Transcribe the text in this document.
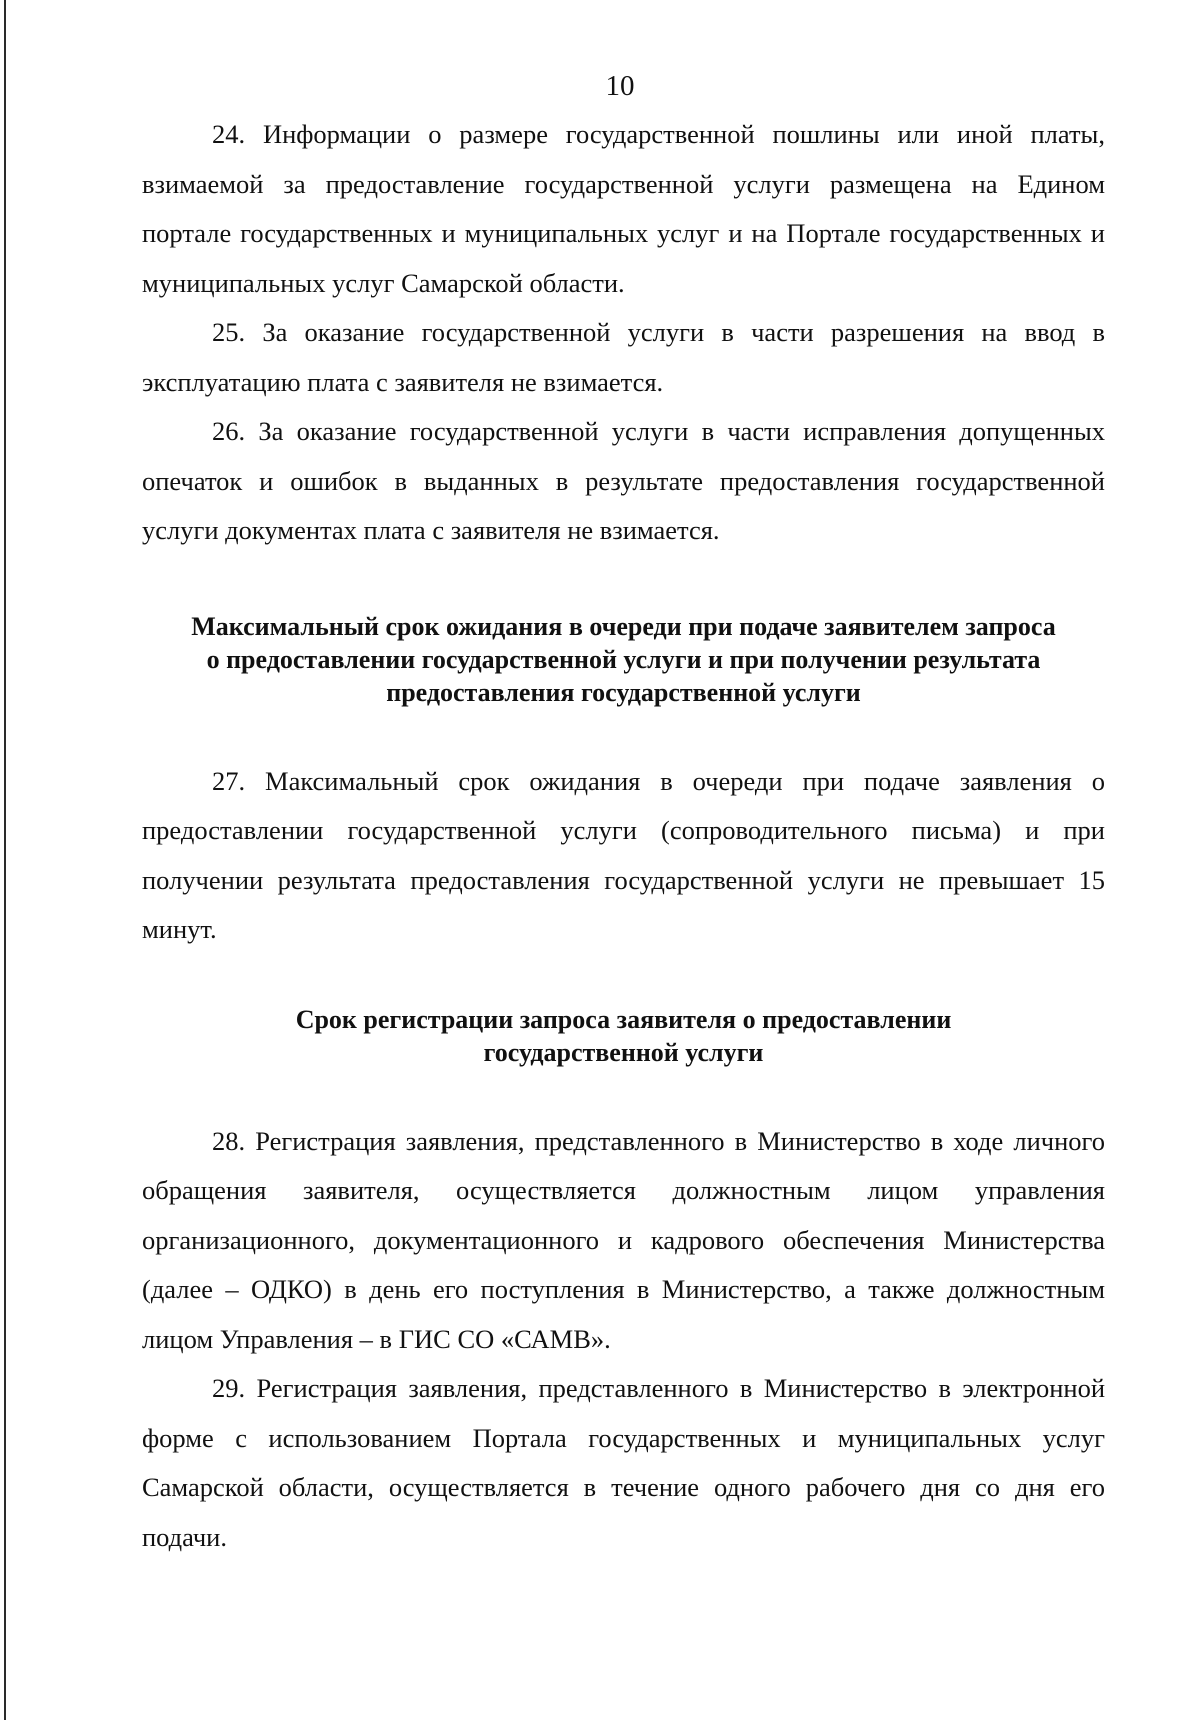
10

24. Информации о размере государственной пошлины или иной платы, взимаемой за предоставление государственной услуги размещена на Едином портале государственных и муниципальных услуг и на Портале государственных и муниципальных услуг Самарской области.

25. За оказание государственной услуги в части разрешения на ввод в эксплуатацию плата с заявителя не взимается.

26. За оказание государственной услуги в части исправления допущенных опечаток и ошибок в выданных в результате предоставления государственной услуги документах плата с заявителя не взимается.

Максимальный срок ожидания в очереди при подаче заявителем запроса
о предоставлении государственной услуги и при получении результата
предоставления государственной услуги

27. Максимальный срок ожидания в очереди при подаче заявления о предоставлении государственной услуги (сопроводительного письма) и при получении результата предоставления государственной услуги не превышает 15 минут.

Срок регистрации запроса заявителя о предоставлении
государственной услуги

28. Регистрация заявления, представленного в Министерство в ходе личного обращения заявителя, осуществляется должностным лицом управления организационного, документационного и кадрового обеспечения Министерства (далее – ОДКО) в день его поступления в Министерство, а также должностным лицом Управления – в ГИС СО «САМВ».

29. Регистрация заявления, представленного в Министерство в электронной форме с использованием Портала государственных и муниципальных услуг Самарской области, осуществляется в течение одного рабочего дня со дня его подачи.
